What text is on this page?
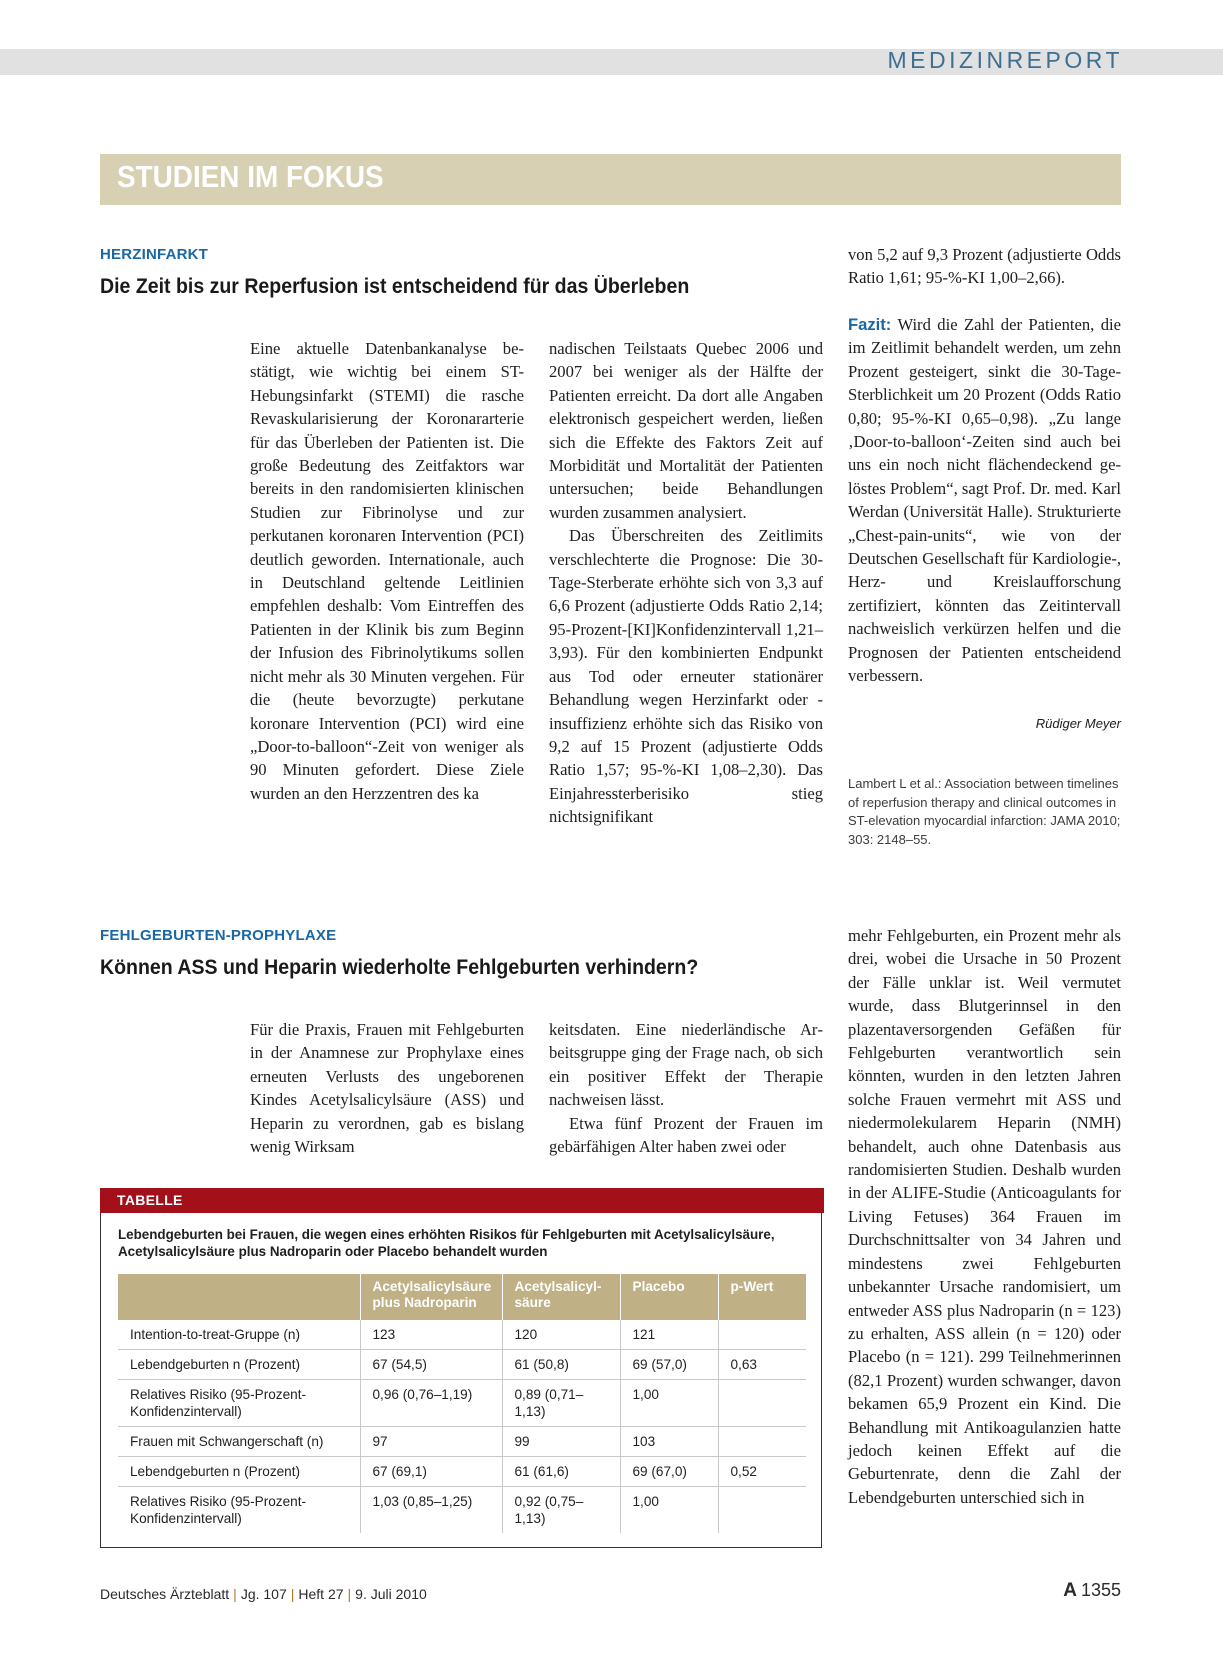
MEDIZINREPORT
STUDIEN IM FOKUS
HERZINFARKT
Die Zeit bis zur Reperfusion ist entscheidend für das Überleben

Eine aktuelle Datenbankanalyse bestätigt, wie wichtig bei einem ST-Hebungsinfarkt (STEMI) die rasche Revaskularisierung der Koronararterie für das Überleben der Patienten ist. Die große Bedeutung des Zeitfaktors war bereits in den randomisierten klinischen Studien zur Fibrinolyse und zur perkutanen koronaren Intervention (PCI) deutlich geworden. Internationale, auch in Deutschland geltende Leitlinien empfehlen deshalb: Vom Eintreffen des Patienten in der Klinik bis zum Beginn der Infusion des Fibrinolytikums sollen nicht mehr als 30 Minuten vergehen. Für die (heute bevorzugte) perkutane koronare Intervention (PCI) wird eine „Door-to-balloon“-Zeit von weniger als 90 Minuten gefordert. Diese Ziele wurden an den Herzzentren des ka

nadischen Teilstaats Quebec 2006 und 2007 bei weniger als der Hälfte der Patienten erreicht. Da dort alle Angaben elektronisch gespeichert werden, ließen sich die Effekte des Faktors Zeit auf Morbidität und Mortalität der Patienten untersuchen; beide Behandlungen wurden zusammen analysiert.

Das Überschreiten des Zeitlimits verschlechterte die Prognose: Die 30-Tage-Sterberate erhöhte sich von 3,3 auf 6,6 Prozent (adjustierte Odds Ratio 2,14; 95-Prozent-[KI]Konfidenzintervall 1,21–3,93). Für den kombinierten Endpunkt aus Tod oder erneuter stationärer Behandlung wegen Herzinfarkt oder -insuffizienz erhöhte sich das Risiko von 9,2 auf 15 Prozent (adjustierte Odds Ratio 1,57; 95-%-KI 1,08–2,30). Das Einjahressterberisiko stieg nichtsignifikant

von 5,2 auf 9,3 Prozent (adjustierte Odds Ratio 1,61; 95-%-KI 1,00–2,66).

Fazit: Wird die Zahl der Patienten, die im Zeitlimit behandelt werden, um zehn Prozent gesteigert, sinkt die 30-Tage-Sterblichkeit um 20 Prozent (Odds Ratio 0,80; 95-%-KI 0,65–0,98). „Zu lange ‚Door-to-balloon‘-Zeiten sind auch bei uns ein noch nicht flächendeckend gelöstes Problem“, sagt Prof. Dr. med. Karl Werdan (Universität Halle). Strukturierte „Chest-pain-units“, wie von der Deutschen Gesellschaft für Kardiologie-, Herz- und Kreislaufforschung zertifiziert, könnten das Zeitintervall nachweislich verkürzen helfen und die Prognosen der Patienten entscheidend verbessern.

Rüdiger Meyer
Lambert L et al.: Association between timelines of reperfusion therapy and clinical outcomes in ST-elevation myocardial infarction: JAMA 2010; 303: 2148–55.
FEHLGEBURTEN-PROPHYLAXE
Können ASS und Heparin wiederholte Fehlgeburten verhindern?

Für die Praxis, Frauen mit Fehlgeburten in der Anamnese zur Prophylaxe eines erneuten Verlusts des ungeborenen Kindes Acetylsalicylsäure (ASS) und Heparin zu verordnen, gab es bislang wenig Wirksam

keitsdaten. Eine niederländische Arbeitsgruppe ging der Frage nach, ob sich ein positiver Effekt der Therapie nachweisen lässt.

Etwa fünf Prozent der Frauen im gebärfähigen Alter haben zwei oder

mehr Fehlgeburten, ein Prozent mehr als drei, wobei die Ursache in 50 Prozent der Fälle unklar ist. Weil vermutet wurde, dass Blutgerinnsel in den plazentaversorgenden Gefäßen für Fehlgeburten verantwortlich sein könnten, wurden in den letzten Jahren solche Frauen vermehrt mit ASS und niedermolekularem Heparin (NMH) behandelt, auch ohne Datenbasis aus randomisierten Studien. Deshalb wurden in der ALIFE-Studie (Anticoagulants for Living Fetuses) 364 Frauen im Durchschnittsalter von 34 Jahren und mindestens zwei Fehlgeburten unbekannter Ursache randomisiert, um entweder ASS plus Nadroparin (n = 123) zu erhalten, ASS allein (n = 120) oder Placebo (n = 121). 299 Teilnehmerinnen (82,1 Prozent) wurden schwanger, davon bekamen 65,9 Prozent ein Kind. Die Behandlung mit Antikoagulanzien hatte jedoch keinen Effekt auf die Geburtenrate, denn die Zahl der Lebendgeburten unterschied sich in

TABELLE
Lebendgeburten bei Frauen, die wegen eines erhöhten Risikos für Fehlgeburten mit Acetylsalicylsäure, Acetylsalicylsäure plus Nadroparin oder Placebo behandelt wurden
	Acetylsalicylsäure plus Nadroparin	Acetylsalicylsäure	Placebo	p-Wert
Intention-to-treat-Gruppe (n)	123	120	121	
Lebendgeburten n (Prozent)	67 (54,5)	61 (50,8)	69 (57,0)	0,63
Relatives Risiko (95-Prozent-Konfidenzintervall)	0,96 (0,76–1,19)	0,89 (0,71–1,13)	1,00	
Frauen mit Schwangerschaft (n)	97	99	103	
Lebendgeburten n (Prozent)	67 (69,1)	61 (61,6)	69 (67,0)	0,52
Relatives Risiko (95-Prozent-Konfidenzintervall)	1,03 (0,85–1,25)	0,92 (0,75–1,13)	1,00	
Deutsches Ärzteblatt | Jg. 107 | Heft 27 | 9. Juli 2010	A 1355
